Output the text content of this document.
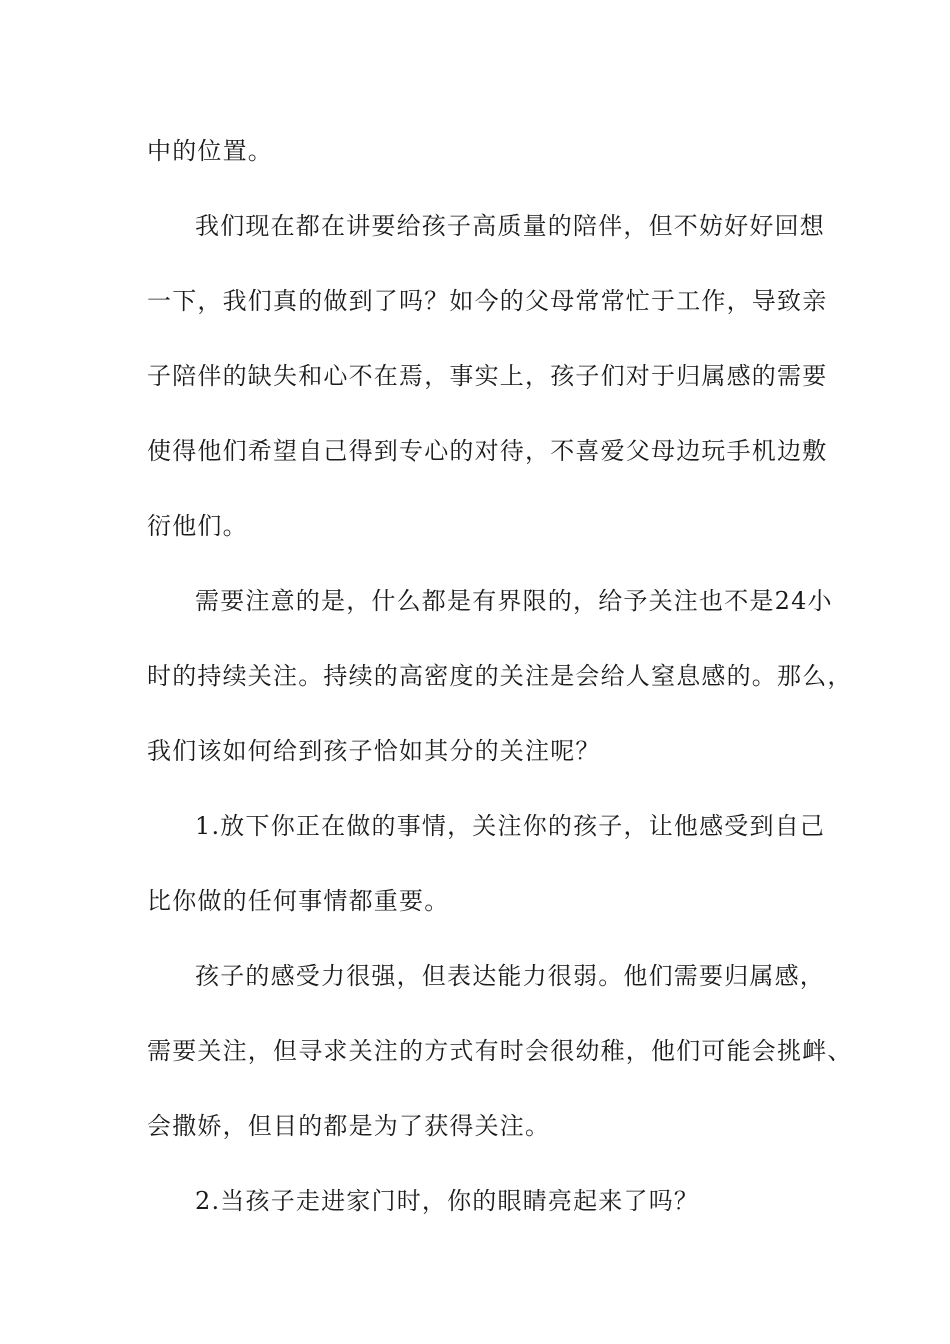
中的位置。
我们现在都在讲要给孩子高质量的陪伴，但不妨好好回想
一下，我们真的做到了吗？如今的父母常常忙于工作，导致亲
子陪伴的缺失和心不在焉，事实上，孩子们对于归属感的需要
使得他们希望自己得到专心的对待，不喜爱父母边玩手机边敷
衍他们。
需要注意的是，什么都是有界限的，给予关注也不是24小
时的持续关注。持续的高密度的关注是会给人窒息感的。那么，
我们该如何给到孩子恰如其分的关注呢？
1.放下你正在做的事情，关注你的孩子，让他感受到自己
比你做的任何事情都重要。
孩子的感受力很强，但表达能力很弱。他们需要归属感，
需要关注，但寻求关注的方式有时会很幼稚，他们可能会挑衅、
会撒娇，但目的都是为了获得关注。
2.当孩子走进家门时，你的眼睛亮起来了吗？
